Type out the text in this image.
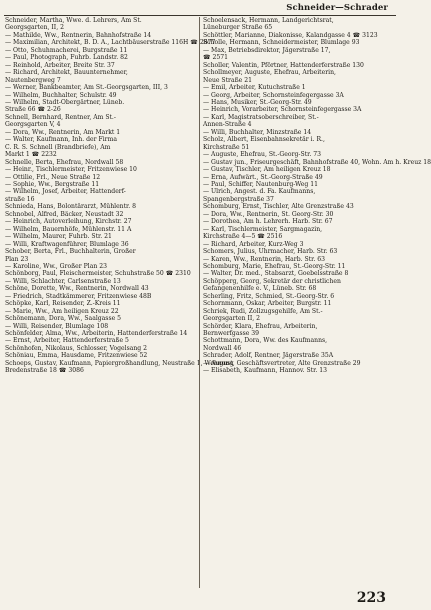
Schneider—Schrader
Schneider, Martha, Wwe. d. Lehrers, Am St.
Georgsgarten, II, 2
— Mathilde, Ww., Rentnerin, Bahnhofstraße 14
— Maximilian, Architekt, B. D. A., Lachtbäuserstraße 116H ☎ 2877
— Otto, Schuhmacherei, Burgstraße 11
— Paul, Photograph, Fuhrb. Landstr. 82
— Reinhold, Arbeiter, Breite Str. 37
— Richard, Architekt, Bauunternehmer,
Nautenbergweg 7
— Werner, Bankbeamter, Am St.-Georgsgarten, III, 3
— Wilhelm, Buchhalter, Schulstr. 49
— Wilhelm, Stadt-Obergärtner, Lüneb.
Straße 66 ☎ 2-26
Schnell, Bernhard, Rentner, Am St.-
Georgsgarten V, 4
— Dora, Ww., Rentnerin, Am Markt 1
— Walter, Kaufmann, Inh. der Firma
C. R. S. Schnell (Brandbriefe), Am
Markt 1 ☎ 2232
Schnelle, Berta, Ehefrau, Nordwall 58
— Heinr., Tischlermeister, Fritzenwiese 10
— Ottilie, Frl., Neue Straße 12
— Sophie, Ww., Bergstraße 11
— Wilhelm, Josef, Arbeiter, Hattenderf-
straße 16
Schnieda, Hans, Bolontärarzt, Mühlentr. 8
Schnobel, Alfred, Bäcker, Neustadt 32
— Heinrich, Autoverleihung, Kirchstr. 27
— Wilhelm, Bauernhöfe, Mühlenstr. 11 A
— Wilhelm, Maurer, Fuhrb. Str. 21
— Willi, Kraftwagenführer, Blumlage 36
Schober, Berta, Frl., Buchhalterin, Großer
Plan 23
— Karoline, Ww., Großer Plan 23
Schönborg, Paul, Fleischermeister, Schuhstraße 50 ☎ 2310
— Willi, Schlachter, Carlsenstraße 13
Schöne, Dorette, Ww., Rentnerin, Nordwall 43
— Friedrich, Stadtkämmerer, Fritzenwiese 48B
Schöpke, Karl, Reisender, Z.-Kreis 11
— Marie, Ww., Am heiligen Kreuz 22
Schönemann, Dora, Ww., Saalgasse 5
— Willi, Reisender, Blumlage 108
Schönfelder, Alma, Ww., Arbeiterin, Hattenderferstraße 14
— Ernst, Arbeiter, Hattenderferstraße 5
Schönhofen, Nikolaus, Schlosser, Vogelsang 2
Schöniau, Emma, Hausdame, Fritzenwiese 52
Schoeps, Gustav, Kaufmann, Papiergroßhandlung, Neustraße 1, Wohnung
Bredenstraße 18 ☎ 3086
Schoelensack, Hermann, Landgerichtsrat,
Lüneburger Straße 65
Schöttler, Marianne, Diakonisse, Kalandgasse 4 ☎ 3123
Scholle, Hermann, Schneidermeister, Blumlage 93
— Max, Betriebsdirektor, Jägerstraße 17,
☎ 2571
Scholler, Valentin, Pförtner, Hattenderferstraße 130
Schollmeyer, Auguste, Ehefrau, Arbeiterin,
Neue Straße 21
— Emil, Arbeiter, Kutuchstraße 1
— Georg, Arbeiter, Schornsteinfegergasse 3A
— Hans, Musiker, St.-Georg-Str. 49
— Heinrich, Vorarbeiter, Schornsteinfegergasse 3A
— Karl, Magistratsoberschreiber, St.-
Annen-Straße 4
— Willi, Buchhalter, Minzstraße 14
Scholz, Albert, Eisenbahnsekretär i. R.,
Kirchstraße 51
— Auguste, Ehefrau, St.-Georg-Str. 73
— Gustav jun., Friseurgeschäft, Bahnhofstraße 40, Wohn. Am h. Kreuz 18
— Gustav, Tischler, Am heiligen Kreuz 18
— Erna, Aufwärt., St.-Georg-Straße 49
— Paul, Schiffer, Nautenburg-Weg 11
— Ulrich, Angest. d. Fa. Kaufmanns,
Spangenbergstraße 37
Schomburg, Ernst, Tischler, Alte Grenzstraße 43
— Dora, Ww., Rentnerin, St. Georg-Str. 30
— Dorothea, Am h. Lehrerh. Harb. Str. 67
— Karl, Tischlermeister, Sargmagazin,
Kirchstraße 4—5 ☎ 2516
— Richard, Arbeiter, Kurz-Weg 3
Schomers, Julius, Uhrmacher, Harb. Str. 63
— Karen, Ww., Rentnerin, Harb. Str. 63
Schomburg, Marie, Ehefrau, St.-Georg-Str. 11
— Walter, Dr. med., Stabsarzt, Goebelsstraße 8
Schöpperg, Georg, Sekretär der christlichen
Gefangenenhilfe e. V., Lüneb. Str. 68
Scherling, Fritz, Schmied, St.-Georg-Str. 6
Schornmann, Oskar, Arbeiter, Burgstr. 11
Schriek, Rudi, Zollzugsgehilfe, Am St.-
Georgsgarten II, 2
Schörder, Klara, Ehefrau, Arbeiterin,
Bernwerfgasse 39
Schottmann, Dora, Ww. des Kaufmanns,
Nordwall 46
Schrader, Adolf, Rentner, Jägerstraße 35A
— August, Geschäftsvertreter, Alte Grenzstraße 29
— Elisabeth, Kaufmann, Hannov. Str. 13
223
